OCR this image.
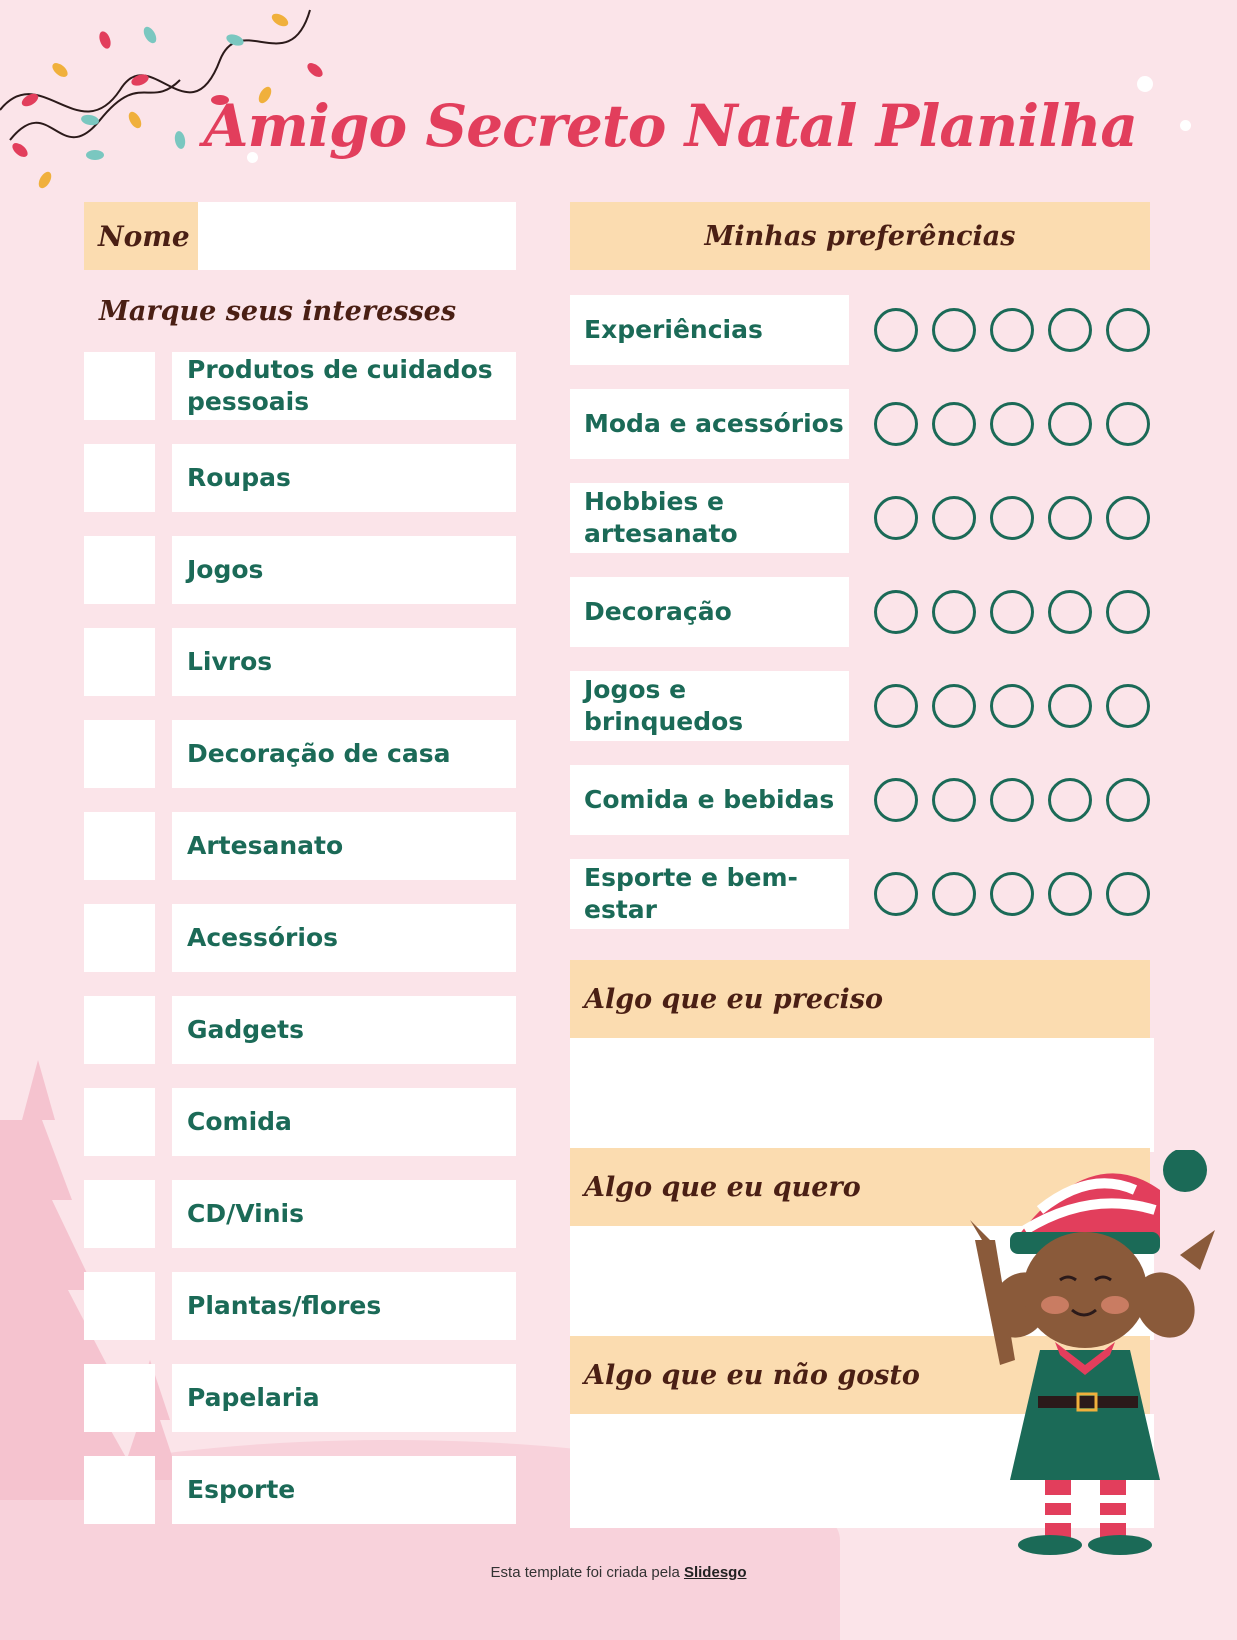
Amigo Secreto Natal Planilha
Nome
Marque seus interesses
Produtos de cuidados pessoais
Roupas
Jogos
Livros
Decoração de casa
Artesanato
Acessórios
Gadgets
Comida
CD/Vinis
Plantas/flores
Papelaria
Esporte
Minhas preferências
Experiências
Moda e acessórios
Hobbies e artesanato
Decoração
Jogos e brinquedos
Comida e bebidas
Esporte e bem-estar
Algo que eu preciso
Algo que eu quero
Algo que eu não gosto
Esta template foi criada pela Slidesgo
